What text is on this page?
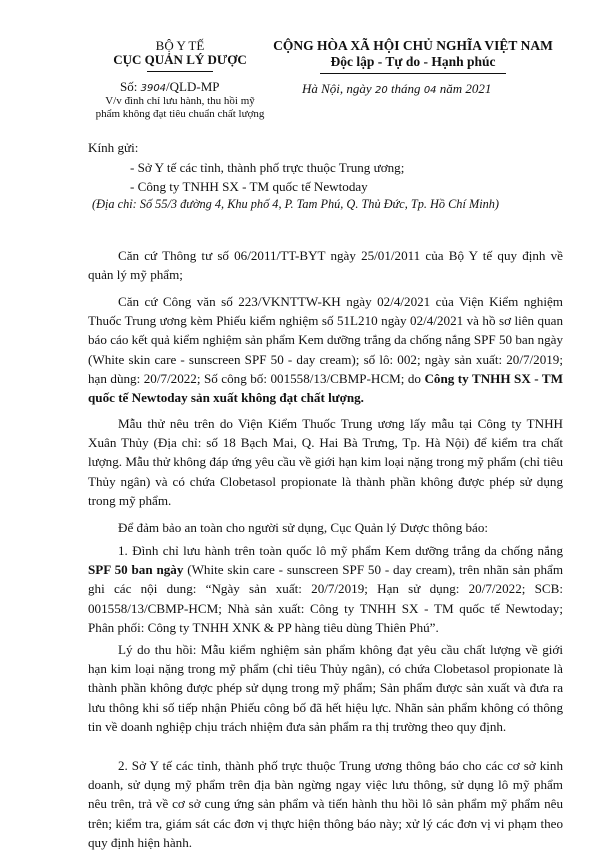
BỘ Y TẾ
CỤC QUẢN LÝ DƯỢC
Số: 3904/QLD-MP
V/v đình chỉ lưu hành, thu hồi mỹ
phẩm không đạt tiêu chuẩn chất lượng
CỘNG HÒA XÃ HỘI CHỦ NGHĨA VIỆT NAM
Độc lập - Tự do - Hạnh phúc
Hà Nội, ngày 20 tháng 04 năm 2021
Kính gửi:
- Sở Y tế các tỉnh, thành phố trực thuộc Trung ương;
- Công ty TNHH SX - TM quốc tế Newtoday
(Địa chỉ: Số 55/3 đường 4, Khu phố 4, P. Tam Phú, Q. Thủ Đức, Tp. Hồ Chí Minh)
Căn cứ Thông tư số 06/2011/TT-BYT ngày 25/01/2011 của Bộ Y tế quy định về quản lý mỹ phẩm;
Căn cứ Công văn số 223/VKNTTW-KH ngày 02/4/2021 của Viện Kiểm nghiệm Thuốc Trung ương kèm Phiếu kiểm nghiệm số 51L210 ngày 02/4/2021 và hồ sơ liên quan báo cáo kết quả kiểm nghiệm sản phẩm Kem dưỡng trắng da chống nắng SPF 50 ban ngày (White skin care - sunscreen SPF 50 - day cream); số lô: 002; ngày sản xuất: 20/7/2019; hạn dùng: 20/7/2022; Số công bố: 001558/13/CBMP-HCM; do Công ty TNHH SX - TM quốc tế Newtoday sản xuất không đạt chất lượng.
Mẫu thử nêu trên do Viện Kiểm Thuốc Trung ương lấy mẫu tại Công ty TNHH Xuân Thủy (Địa chỉ: số 18 Bạch Mai, Q. Hai Bà Trưng, Tp. Hà Nội) để kiểm tra chất lượng. Mẫu thử không đáp ứng yêu cầu về giới hạn kim loại nặng trong mỹ phẩm (chỉ tiêu Thủy ngân) và có chứa Clobetasol propionate là thành phần không được phép sử dụng trong mỹ phẩm.
Để đảm bảo an toàn cho người sử dụng, Cục Quản lý Dược thông báo:
1. Đình chỉ lưu hành trên toàn quốc lô mỹ phẩm Kem dưỡng trắng da chống nắng SPF 50 ban ngày (White skin care - sunscreen SPF 50 - day cream), trên nhãn sản phẩm ghi các nội dung: “Ngày sản xuất: 20/7/2019; Hạn sử dụng: 20/7/2022; SCB: 001558/13/CBMP-HCM; Nhà sản xuất: Công ty TNHH SX - TM quốc tế Newtoday; Phân phối: Công ty TNHH XNK & PP hàng tiêu dùng Thiên Phú”.
Lý do thu hồi: Mẫu kiểm nghiệm sản phẩm không đạt yêu cầu chất lượng về giới hạn kim loại nặng trong mỹ phẩm (chỉ tiêu Thủy ngân), có chứa Clobetasol propionate là thành phần không được phép sử dụng trong mỹ phẩm; Sản phẩm được sản xuất và đưa ra lưu thông khi số tiếp nhận Phiếu công bố đã hết hiệu lực. Nhãn sản phẩm không có thông tin về doanh nghiệp chịu trách nhiệm đưa sản phẩm ra thị trường theo quy định.
2. Sở Y tế các tỉnh, thành phố trực thuộc Trung ương thông báo cho các cơ sở kinh doanh, sử dụng mỹ phẩm trên địa bàn ngừng ngay việc lưu thông, sử dụng lô mỹ phẩm nêu trên, trả về cơ sở cung ứng sản phẩm và tiến hành thu hồi lô sản phẩm mỹ phẩm nêu trên; kiểm tra, giám sát các đơn vị thực hiện thông báo này; xử lý các đơn vị vi phạm theo quy định hiện hành.
